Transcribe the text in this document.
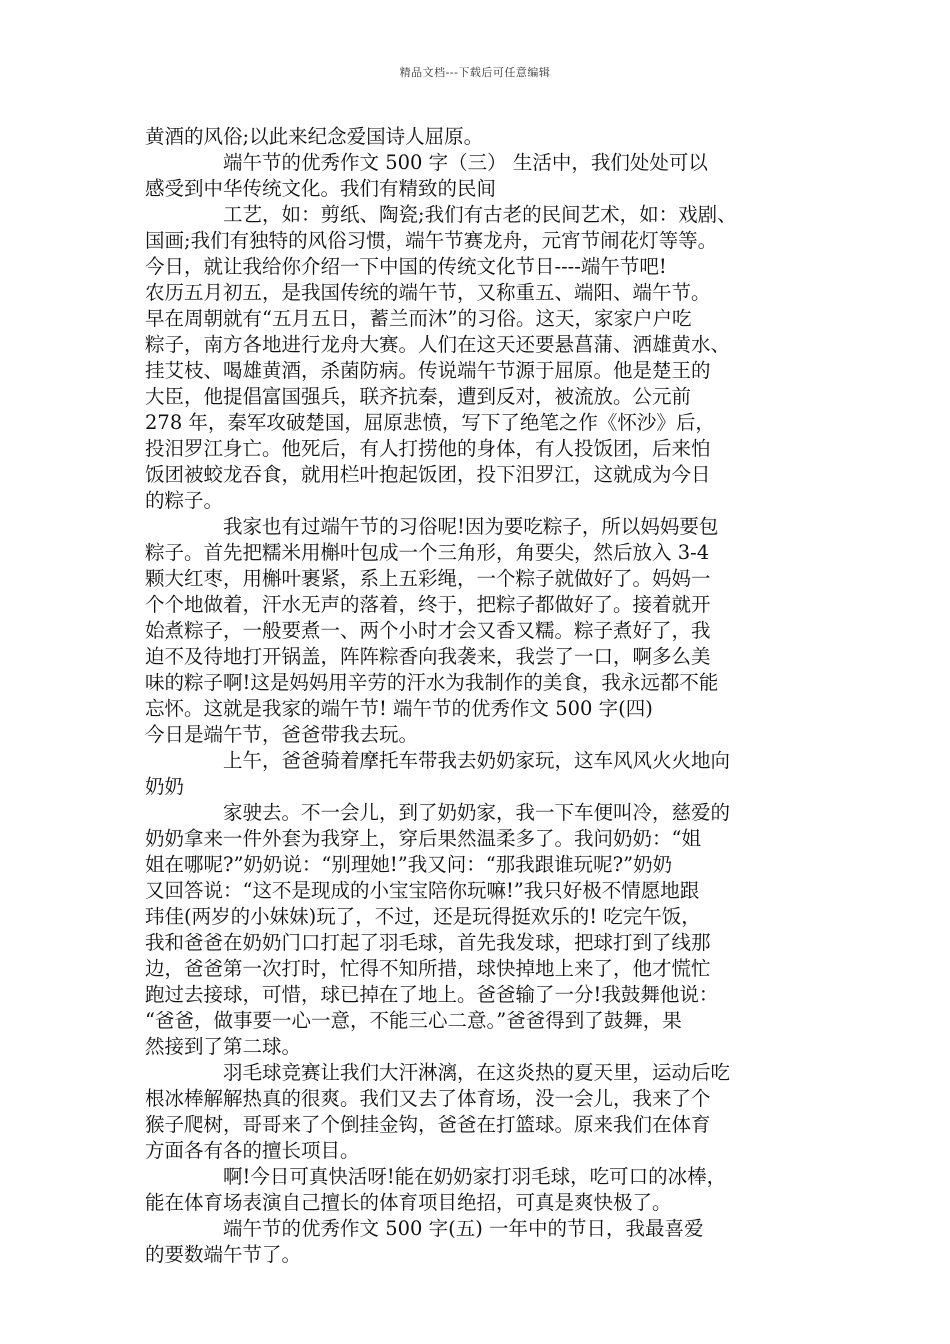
精品文档---下载后可任意编辑
黄酒的风俗;以此来纪念爱国诗人屈原。
端午节的优秀作文 500 字（三） 生活中，我们处处可以
感受到中华传统文化。我们有精致的民间
工艺，如：剪纸、陶瓷;我们有古老的民间艺术，如：戏剧、
国画;我们有独特的风俗习惯，端午节赛龙舟，元宵节闹花灯等等。
今日，就让我给你介绍一下中国的传统文化节日----端午节吧!
农历五月初五，是我国传统的端午节，又称重五、端阳、端午节。
早在周朝就有“五月五日，蓄兰而沐”的习俗。这天，家家户户吃
粽子，南方各地进行龙舟大赛。人们在这天还要悬菖蒲、洒雄黄水、
挂艾枝、喝雄黄酒，杀菌防病。传说端午节源于屈原。他是楚王的
大臣，他提倡富国强兵，联齐抗秦，遭到反对，被流放。公元前
278 年，秦军攻破楚国，屈原悲愤，写下了绝笔之作《怀沙》后，
投汨罗江身亡。他死后，有人打捞他的身体，有人投饭团，后来怕
饭团被蛟龙吞食，就用栏叶抱起饭团，投下汨罗江，这就成为今日
的粽子。
我家也有过端午节的习俗呢!因为要吃粽子，所以妈妈要包
粽子。首先把糯米用槲叶包成一个三角形，角要尖，然后放入 3-4
颗大红枣，用槲叶裹紧，系上五彩绳，一个粽子就做好了。妈妈一
个个地做着，汗水无声的落着，终于，把粽子都做好了。接着就开
始煮粽子，一般要煮一、两个小时才会又香又糯。粽子煮好了，我
迫不及待地打开锅盖，阵阵粽香向我袭来，我尝了一口，啊多么美
味的粽子啊!这是妈妈用辛劳的汗水为我制作的美食，我永远都不能
忘怀。这就是我家的端午节! 端午节的优秀作文 500 字(四)
今日是端午节，爸爸带我去玩。
上午，爸爸骑着摩托车带我去奶奶家玩，这车风风火火地向
奶奶
家驶去。不一会儿，到了奶奶家，我一下车便叫冷，慈爱的
奶奶拿来一件外套为我穿上，穿后果然温柔多了。我问奶奶：“姐
姐在哪呢?”奶奶说：“别理她!”我又问：“那我跟谁玩呢?”奶奶
又回答说：“这不是现成的小宝宝陪你玩嘛!”我只好极不情愿地跟
玮佳(两岁的小妹妹)玩了，不过，还是玩得挺欢乐的! 吃完午饭，
我和爸爸在奶奶门口打起了羽毛球，首先我发球，把球打到了线那
边，爸爸第一次打时，忙得不知所措，球快掉地上来了，他才慌忙
跑过去接球，可惜，球已掉在了地上。爸爸输了一分!我鼓舞他说：
“爸爸，做事要一心一意，不能三心二意。”爸爸得到了鼓舞，果
然接到了第二球。
羽毛球竞赛让我们大汗淋漓，在这炎热的夏天里，运动后吃
根冰棒解解热真的很爽。我们又去了体育场，没一会儿，我来了个
猴子爬树，哥哥来了个倒挂金钩，爸爸在打篮球。原来我们在体育
方面各有各的擅长项目。
啊!今日可真快活呀!能在奶奶家打羽毛球，吃可口的冰棒，
能在体育场表演自己擅长的体育项目绝招，可真是爽快极了。
端午节的优秀作文 500 字(五) 一年中的节日，我最喜爱
的要数端午节了。
